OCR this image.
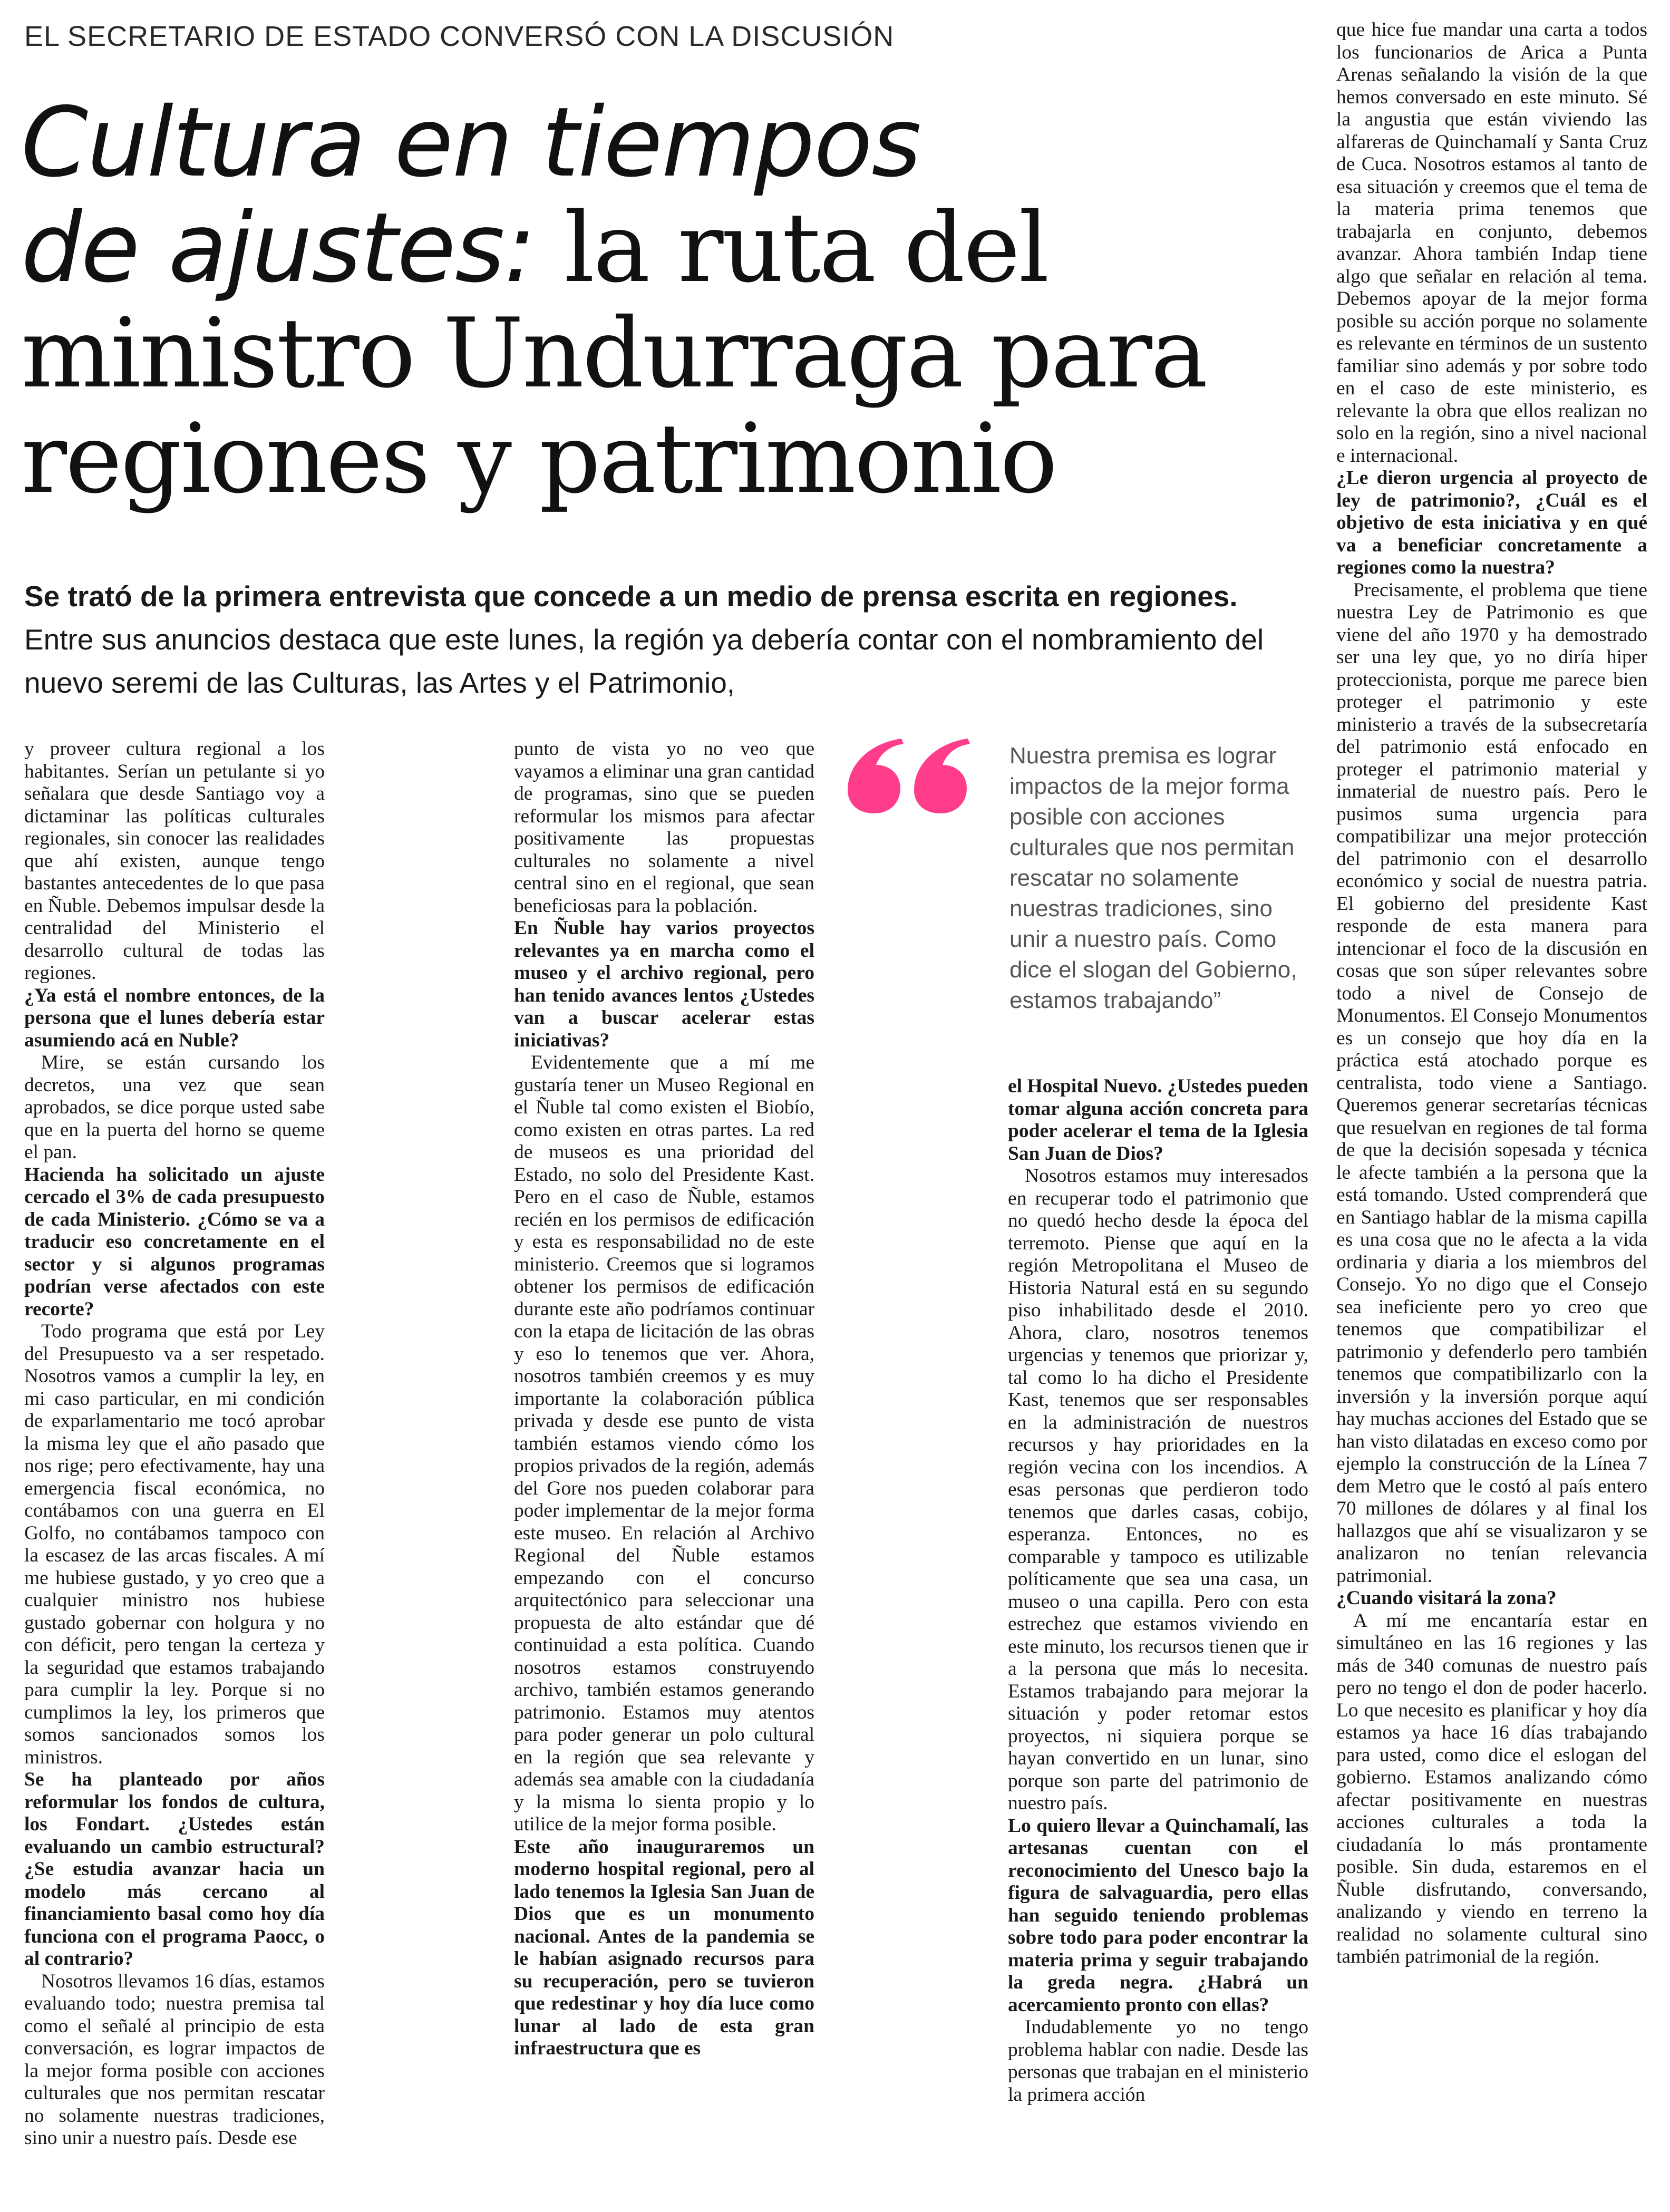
EL SECRETARIO DE ESTADO CONVERSÓ CON LA DISCUSIÓN

Cultura en tiempos
de ajustes: la ruta del
ministro Undurraga para
regiones y patrimonio

Se trató de la primera entrevista que concede a un medio de prensa escrita en regiones. Entre sus anuncios destaca que este lunes, la región ya debería contar con el nombramiento del nuevo seremi de las Culturas, las Artes y el Patrimonio,

y proveer cultura regional a los habitantes. Serían un petulante si yo señalara que desde Santiago voy a dictaminar las políticas culturales regionales, sin conocer las realidades que ahí existen, aunque tengo bastantes antecedentes de lo que pasa en Ñuble. Debemos impulsar desde la centralidad del Ministerio el desarrollo cultural de todas las regiones.

¿Ya está el nombre entonces, de la persona que el lunes debería estar asumiendo acá en Nuble?

Mire, se están cursando los decretos, una vez que sean aprobados, se dice porque usted sabe que en la puerta del horno se queme el pan.

Hacienda ha solicitado un ajuste cercado el 3% de cada presupuesto de cada Ministerio. ¿Cómo se va a traducir eso concretamente en el sector y si algunos programas podrían verse afectados con este recorte?

Todo programa que está por Ley del Presupuesto va a ser respetado. Nosotros vamos a cumplir la ley, en mi caso particular, en mi condición de exparlamentario me tocó aprobar la misma ley que el año pasado que nos rige; pero efectivamente, hay una emergencia fiscal económica, no contábamos con una guerra en El Golfo, no contábamos tampoco con la escasez de las arcas fiscales. A mí me hubiese gustado, y yo creo que a cualquier ministro nos hubiese gustado gobernar con holgura y no con déficit, pero tengan la certeza y la seguridad que estamos trabajando para cumplir la ley. Porque si no cumplimos la ley, los primeros que somos sancionados somos los ministros.

Se ha planteado por años reformular los fondos de cultura, los Fondart. ¿Ustedes están evaluando un cambio estructural? ¿Se estudia avanzar hacia un modelo más cercano al financiamiento basal como hoy día funciona con el programa Paocc, o al contrario?

Nosotros llevamos 16 días, estamos evaluando todo; nuestra premisa tal como el señalé al principio de esta conversación, es lograr impactos de la mejor forma posible con acciones culturales que nos permitan rescatar no solamente nuestras tradiciones, sino unir a nuestro país. Desde ese

punto de vista yo no veo que vayamos a eliminar una gran cantidad de programas, sino que se pueden reformular los mismos para afectar positivamente las propuestas culturales no solamente a nivel central sino en el regional, que sean beneficiosas para la población.

En Ñuble hay varios proyectos relevantes ya en marcha como el museo y el archivo regional, pero han tenido avances lentos ¿Ustedes van a buscar acelerar estas iniciativas?

Evidentemente que a mí me gustaría tener un Museo Regional en el Ñuble tal como existen el Biobío, como existen en otras partes. La red de museos es una prioridad del Estado, no solo del Presidente Kast. Pero en el caso de Ñuble, estamos recién en los permisos de edificación y esta es responsabilidad no de este ministerio. Creemos que si logramos obtener los permisos de edificación durante este año podríamos continuar con la etapa de licitación de las obras y eso lo tenemos que ver. Ahora, nosotros también creemos y es muy importante la colaboración pública privada y desde ese punto de vista también estamos viendo cómo los propios privados de la región, además del Gore nos pueden colaborar para poder implementar de la mejor forma este museo. En relación al Archivo Regional del Ñuble estamos empezando con el concurso arquitectónico para seleccionar una propuesta de alto estándar que dé continuidad a esta política. Cuando nosotros estamos construyendo archivo, también estamos generando patrimonio. Estamos muy atentos para poder generar un polo cultural en la región que sea relevante y además sea amable con la ciudadanía y la misma lo sienta propio y lo utilice de la mejor forma posible.

Este año inauguraremos un moderno hospital regional, pero al lado tenemos la Iglesia San Juan de Dios que es un monumento nacional. Antes de la pandemia se le habían asignado recursos para su recuperación, pero se tuvieron que redestinar y hoy día luce como lunar al lado de esta gran infraestructura que es

Nuestra premisa es lograr impactos de la mejor forma posible con acciones culturales que nos permitan rescatar no solamente nuestras tradiciones, sino unir a nuestro país. Como dice el slogan del Gobierno, estamos trabajando”

el Hospital Nuevo. ¿Ustedes pueden tomar alguna acción concreta para poder acelerar el tema de la Iglesia San Juan de Dios?

Nosotros estamos muy interesados en recuperar todo el patrimonio que no quedó hecho desde la época del terremoto. Piense que aquí en la región Metropolitana el Museo de Historia Natural está en su segundo piso inhabilitado desde el 2010. Ahora, claro, nosotros tenemos urgencias y tenemos que priorizar y, tal como lo ha dicho el Presidente Kast, tenemos que ser responsables en la administración de nuestros recursos y hay prioridades en la región vecina con los incendios. A esas personas que perdieron todo tenemos que darles casas, cobijo, esperanza. Entonces, no es comparable y tampoco es utilizable políticamente que sea una casa, un museo o una capilla. Pero con esta estrechez que estamos viviendo en este minuto, los recursos tienen que ir a la persona que más lo necesita. Estamos trabajando para mejorar la situación y poder retomar estos proyectos, ni siquiera porque se hayan convertido en un lunar, sino porque son parte del patrimonio de nuestro país.

Lo quiero llevar a Quinchamalí, las artesanas cuentan con el reconocimiento del Unesco bajo la figura de salvaguardia, pero ellas han seguido teniendo problemas sobre todo para poder encontrar la materia prima y seguir trabajando la greda negra. ¿Habrá un acercamiento pronto con ellas?

Indudablemente yo no tengo problema hablar con nadie. Desde las personas que trabajan en el ministerio la primera acción

que hice fue mandar una carta a todos los funcionarios de Arica a Punta Arenas señalando la visión de la que hemos conversado en este minuto. Sé la angustia que están viviendo las alfareras de Quinchamalí y Santa Cruz de Cuca. Nosotros estamos al tanto de esa situación y creemos que el tema de la materia prima tenemos que trabajarla en conjunto, debemos avanzar. Ahora también Indap tiene algo que señalar en relación al tema. Debemos apoyar de la mejor forma posible su acción porque no solamente es relevante en términos de un sustento familiar sino además y por sobre todo en el caso de este ministerio, es relevante la obra que ellos realizan no solo en la región, sino a nivel nacional e internacional.

¿Le dieron urgencia al proyecto de ley de patrimonio?, ¿Cuál es el objetivo de esta iniciativa y en qué va a beneficiar concretamente a regiones como la nuestra?

Precisamente, el problema que tiene nuestra Ley de Patrimonio es que viene del año 1970 y ha demostrado ser una ley que, yo no diría hiper proteccionista, porque me parece bien proteger el patrimonio y este ministerio a través de la subsecretaría del patrimonio está enfocado en proteger el patrimonio material y inmaterial de nuestro país. Pero le pusimos suma urgencia para compatibilizar una mejor protección del patrimonio con el desarrollo económico y social de nuestra patria. El gobierno del presidente Kast responde de esta manera para intencionar el foco de la discusión en cosas que son súper relevantes sobre todo a nivel de Consejo de Monumentos. El Consejo Monumentos es un consejo que hoy día en la práctica está atochado porque es centralista, todo viene a Santiago. Queremos generar secretarías técnicas que resuelvan en regiones de tal forma de que la decisión sopesada y técnica le afecte también a la persona que la está tomando. Usted comprenderá que en Santiago hablar de la misma capilla es una cosa que no le afecta a la vida ordinaria y diaria a los miembros del Consejo. Yo no digo que el Consejo sea ineficiente pero yo creo que tenemos que compatibilizar el patrimonio y defenderlo pero también tenemos que compatibilizarlo con la inversión y la inversión porque aquí hay muchas acciones del Estado que se han visto dilatadas en exceso como por ejemplo la construcción de la Línea 7 dem Metro que le costó al país entero 70 millones de dólares y al final los hallazgos que ahí se visualizaron y se analizaron no tenían relevancia patrimonial.

¿Cuando visitará la zona?

A mí me encantaría estar en simultáneo en las 16 regiones y las más de 340 comunas de nuestro país pero no tengo el don de poder hacerlo. Lo que necesito es planificar y hoy día estamos ya hace 16 días trabajando para usted, como dice el eslogan del gobierno. Estamos analizando cómo afectar positivamente en nuestras acciones culturales a toda la ciudadanía lo más prontamente posible. Sin duda, estaremos en el Ñuble disfrutando, conversando, analizando y viendo en terreno la realidad no solamente cultural sino también patrimonial de la región.
